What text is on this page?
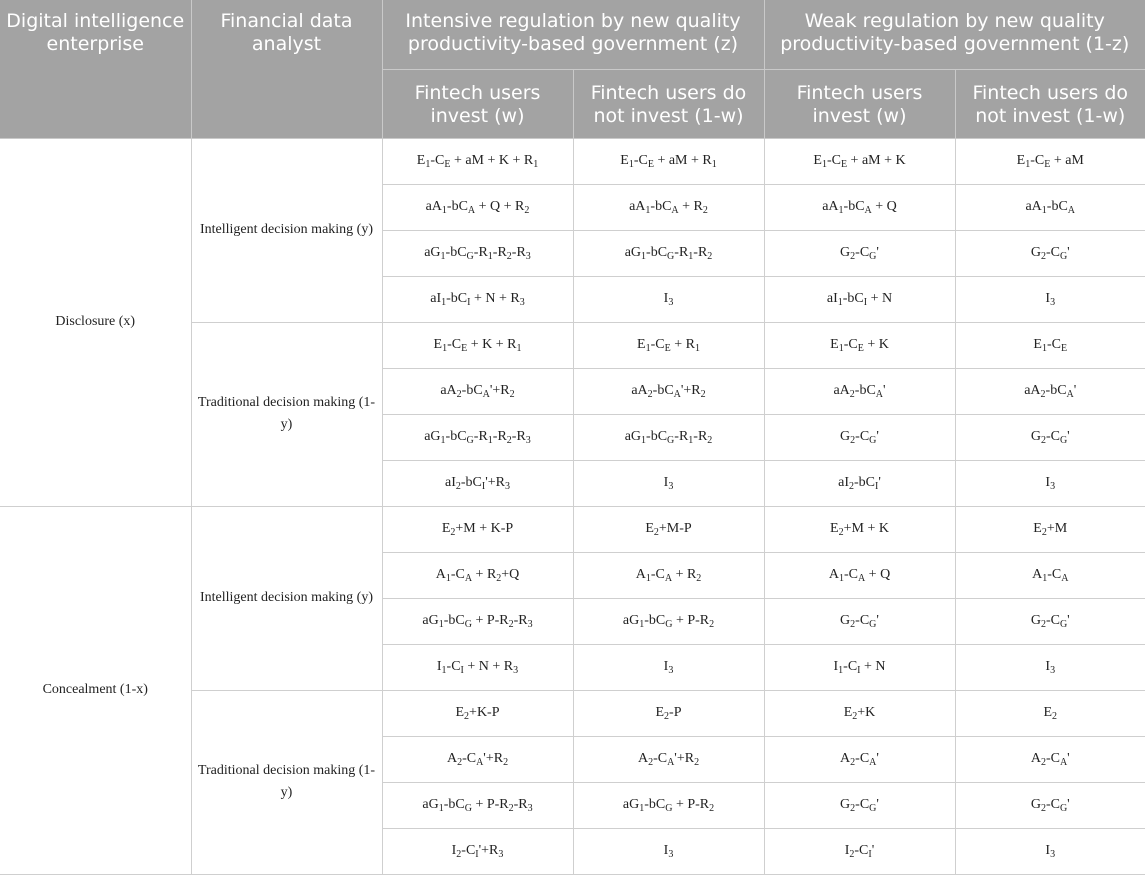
Digital intelligence enterprise	Financial data analyst	Intensive regulation by new quality productivity-based government (z)		Weak regulation by new quality productivity-based government (1-z)	
		Fintech users invest (w)	Fintech users do not invest (1-w)	Fintech users invest (w)	Fintech users do not invest (1-w)
Disclosure (x)	Intelligent decision making (y)	$E_1-C_E$ + aM + $K + R_1$	$E_1-C_E$ + aM + $R_1$	$E_1-C_E$ + aM + K	$E_1-C_E$ + aM
		$aA_1-bC_A + Q + R_2$	$aA_1-bC_A + R_2$	$aA_1-bC_A + Q$	$aA_1-bC_A$
		$aG_1-bC_G-R_1-R_2-R_3$	$aG_1-bC_G-R_1-R_2$	$G_2-C_G'$	$G_2-C_G'$
		$aI_1-bC_I + N + R_3$	$I_3$	$aI_1-bC_I + N$	$I_3$
	Traditional decision making (1-y)	$E_1-C_E + K + R_1$	$E_1-C_E + R_1$	$E_1-C_E + K$	$E_1-C_E$
		$aA_2-bC_A'+R_2$	$aA_2-bC_A'+R_2$	$aA_2-bC_A'$	$aA_2-bC_A'$
		$aG_1-bC_G-R_1-R_2-R_3$	$aG_1-bC_G-R_1-R_2$	$G_2-C_G'$	$G_2-C_G'$
		$aI_2-bC_I'+R_3$	$I_3$	$aI_2-bC_I'$	$I_3$
Concealment (1-x)	Intelligent decision making (y)	$E_2+M + K-P$	$E_2+M-P$	$E_2+M + K$	$E_2+M$
		$A_1-C_A + R_2+Q$	$A_1-C_A + R_2$	$A_1-C_A + Q$	$A_1-C_A$
		$aG_1-bC_G + P-R_2-R_3$	$aG_1-bC_G + P-R_2$	$G_2-C_G'$	$G_2-C_G'$
		$I_1-C_I + N + R_3$	$I_3$	$I_1-C_I + N$	$I_3$
	Traditional decision making (1-y)	$E_2+K-P$	$E_2-P$	$E_2+K$	$E_2$
		$A_2-C_A'+R_2$	$A_2-C_A'+R_2$	$A_2-C_A'$	$A_2-C_A'$
		$aG_1-bC_G + P-R_2-R_3$	$aG_1-bC_G + P-R_2$	$G_2-C_G'$	$G_2-C_G'$
		$I_2-C_I'+R_3$	$I_3$	$I_2-C_I'$	$I_3$
